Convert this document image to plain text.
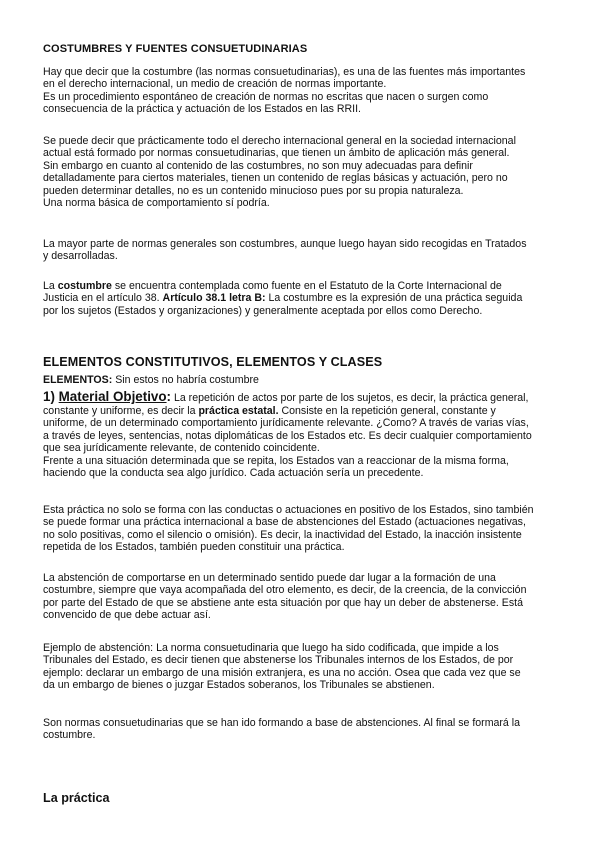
COSTUMBRES Y FUENTES CONSUETUDINARIAS
Hay que decir que la costumbre (las normas consuetudinarias), es una de las fuentes más importantes
en el derecho internacional, un medio de creación de normas importante.
Es un procedimiento espontáneo de creación de normas no escritas que nacen o surgen como
consecuencia de la práctica y actuación de los Estados en las RRII.
Se puede decir que prácticamente todo el derecho internacional general en la sociedad internacional
actual está formado por normas consuetudinarias, que tienen un ámbito de aplicación más general.
Sin embargo en cuanto al contenido de las costumbres, no son muy adecuadas para definir
detalladamente para ciertos materiales, tienen un contenido de reglas básicas y actuación, pero no
pueden determinar detalles, no es un contenido minucioso pues por su propia naturaleza.
Una norma básica de comportamiento sí podría.
La mayor parte de normas generales son costumbres, aunque luego hayan sido recogidas en Tratados
y desarrolladas.
La costumbre se encuentra contemplada como fuente en el Estatuto de la Corte Internacional de
Justicia en el artículo 38. Artículo 38.1 letra B: La costumbre es la expresión de una práctica seguida
por los sujetos (Estados y organizaciones) y generalmente aceptada por ellos como Derecho.
ELEMENTOS CONSTITUTIVOS, ELEMENTOS Y CLASES
ELEMENTOS: Sin estos no habría costumbre
1) Material Objetivo: La repetición de actos por parte de los sujetos, es decir, la práctica general,
constante y uniforme, es decir la práctica estatal. Consiste en la repetición general, constante y
uniforme, de un determinado comportamiento jurídicamente relevante. ¿Como? A través de varias vías,
a través de leyes, sentencias, notas diplomáticas de los Estados etc. Es decir cualquier comportamiento
que sea jurídicamente relevante, de contenido coincidente.
Frente a una situación determinada que se repita, los Estados van a reaccionar de la misma forma,
haciendo que la conducta sea algo jurídico. Cada actuación sería un precedente.
Esta práctica no solo se forma con las conductas o actuaciones en positivo de los Estados, sino también
se puede formar una práctica internacional a base de abstenciones del Estado (actuaciones negativas,
no solo positivas, como el silencio o omisión). Es decir, la inactividad del Estado, la inacción insistente
repetida de los Estados, también pueden constituir una práctica.
La abstención de comportarse en un determinado sentido puede dar lugar a la formación de una
costumbre, siempre que vaya acompañada del otro elemento, es decir, de la creencia, de la convicción
por parte del Estado de que se abstiene ante esta situación por que hay un deber de abstenerse. Está
convencido de que debe actuar así.
Ejemplo de abstención: La norma consuetudinaria que luego ha sido codificada, que impide a los
Tribunales del Estado, es decir tienen que abstenerse los Tribunales internos de los Estados, de por
ejemplo: declarar un embargo de una misión extranjera, es una no acción. Osea que cada vez que se
da un embargo de bienes o juzgar Estados soberanos, los Tribunales se abstienen.
Son normas consuetudinarias que se han ido formando a base de abstenciones. Al final se formará la
costumbre.
La práctica
